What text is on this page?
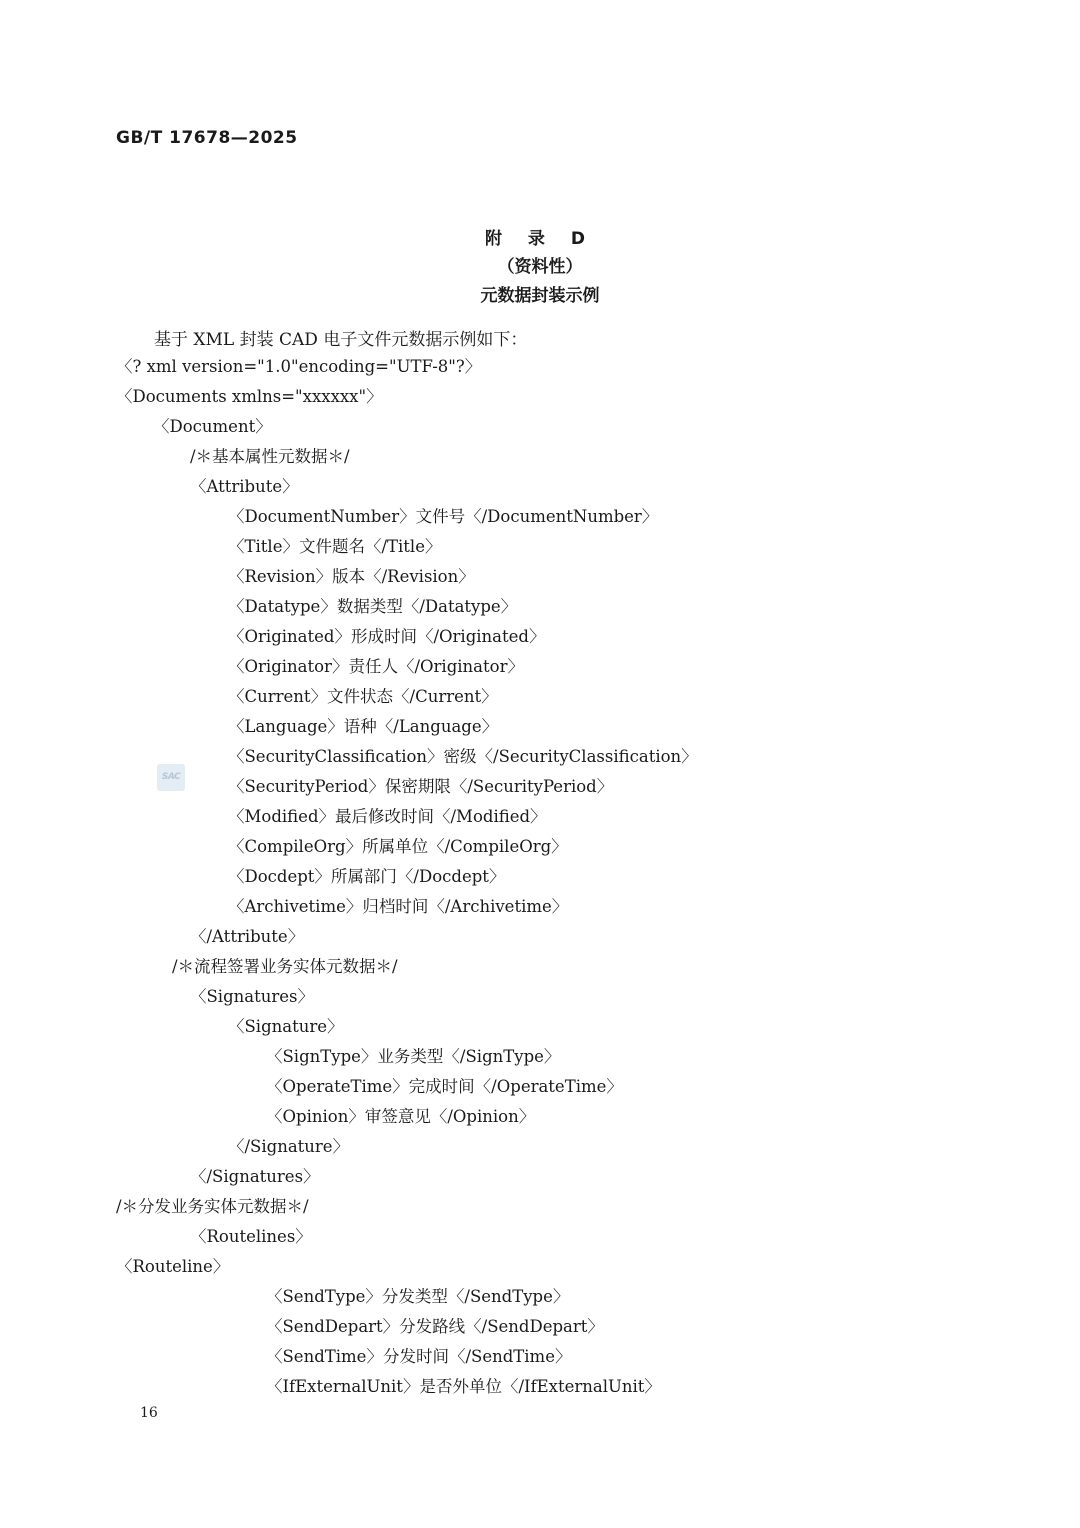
GB/T 17678—2025
附 录 D
（资料性）
元数据封装示例
基于 XML 封装 CAD 电子文件元数据示例如下：
〈? xml version="1.0"encoding="UTF-8"?〉
〈Documents xmlns="xxxxxx"〉
〈Document〉
/＊基本属性元数据＊/
〈Attribute〉
〈DocumentNumber〉文件号〈/DocumentNumber〉
〈Title〉文件题名〈/Title〉
〈Revision〉版本〈/Revision〉
〈Datatype〉数据类型〈/Datatype〉
〈Originated〉形成时间〈/Originated〉
〈Originator〉责任人〈/Originator〉
〈Current〉文件状态〈/Current〉
〈Language〉语种〈/Language〉
〈SecurityClassification〉密级〈/SecurityClassification〉
〈SecurityPeriod〉保密期限〈/SecurityPeriod〉
〈Modified〉最后修改时间〈/Modified〉
〈CompileOrg〉所属单位〈/CompileOrg〉
〈Docdept〉所属部门〈/Docdept〉
〈Archivetime〉归档时间〈/Archivetime〉
〈/Attribute〉
/＊流程签署业务实体元数据＊/
〈Signatures〉
〈Signature〉
〈SignType〉业务类型〈/SignType〉
〈OperateTime〉完成时间〈/OperateTime〉
〈Opinion〉审签意见〈/Opinion〉
〈/Signature〉
〈/Signatures〉
/＊分发业务实体元数据＊/
〈Routelines〉
〈Routeline〉
〈SendType〉分发类型〈/SendType〉
〈SendDepart〉分发路线〈/SendDepart〉
〈SendTime〉分发时间〈/SendTime〉
〈IfExternalUnit〉是否外单位〈/IfExternalUnit〉
SAC
16
